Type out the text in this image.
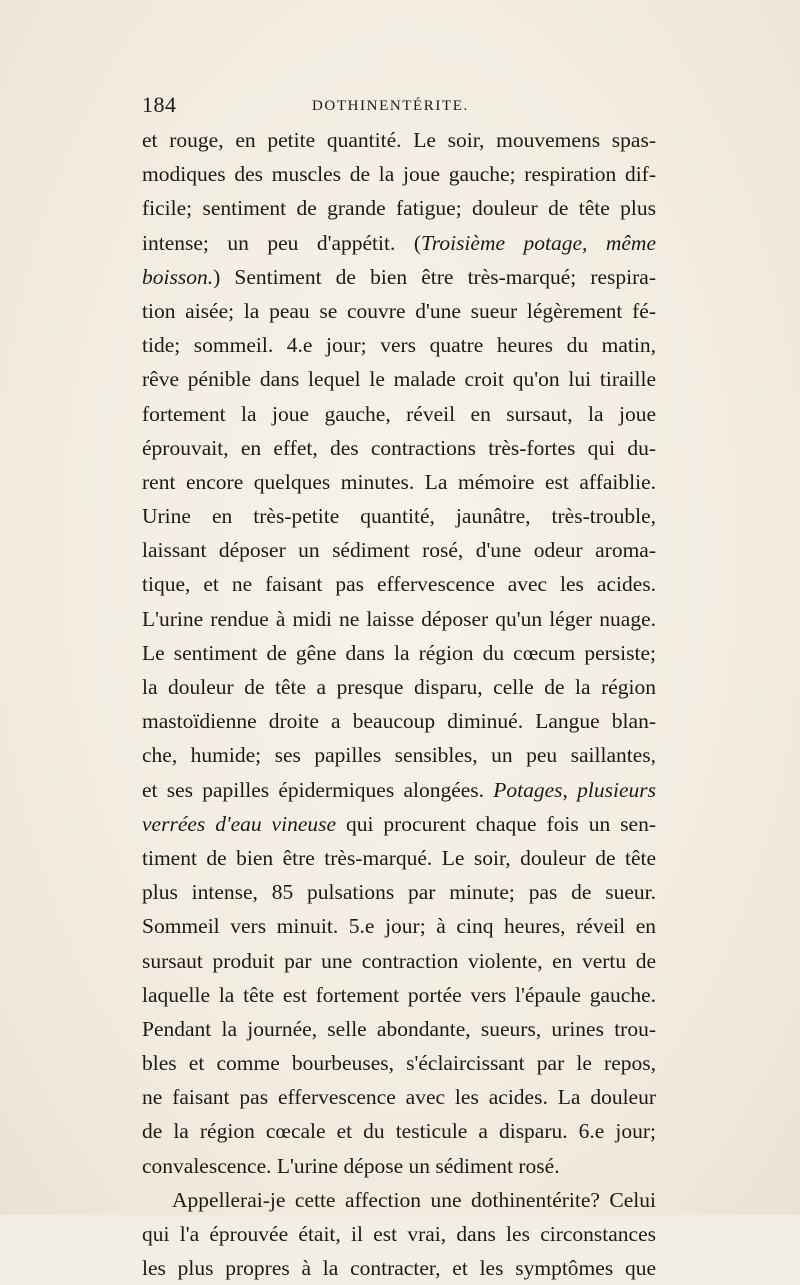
184	DOTHINENTÉRITE.
et rouge, en petite quantité. Le soir, mouvemens spas-
modiques des muscles de la joue gauche; respiration dif-
ficile; sentiment de grande fatigue; douleur de tête plus
intense; un peu d'appétit. (Troisième potage, même
boisson.) Sentiment de bien être très-marqué; respira-
tion aisée; la peau se couvre d'une sueur légèrement fé-
tide; sommeil. 4.e jour; vers quatre heures du matin,
rêve pénible dans lequel le malade croit qu'on lui tiraille
fortement la joue gauche, réveil en sursaut, la joue
éprouvait, en effet, des contractions très-fortes qui du-
rent encore quelques minutes. La mémoire est affaiblie.
Urine en très-petite quantité, jaunâtre, très-trouble,
laissant déposer un sédiment rosé, d'une odeur aroma-
tique, et ne faisant pas effervescence avec les acides.
L'urine rendue à midi ne laisse déposer qu'un léger nuage.
Le sentiment de gêne dans la région du cœcum persiste;
la douleur de tête a presque disparu, celle de la région
mastoïdienne droite a beaucoup diminué. Langue blan-
che, humide; ses papilles sensibles, un peu saillantes,
et ses papilles épidermiques alongées. Potages, plusieurs
verrées d'eau vineuse qui procurent chaque fois un sen-
timent de bien être très-marqué. Le soir, douleur de tête
plus intense, 85 pulsations par minute; pas de sueur.
Sommeil vers minuit. 5.e jour; à cinq heures, réveil en
sursaut produit par une contraction violente, en vertu de
laquelle la tête est fortement portée vers l'épaule gauche.
Pendant la journée, selle abondante, sueurs, urines trou-
bles et comme bourbeuses, s'éclaircissant par le repos,
ne faisant pas effervescence avec les acides. La douleur
de la région cœcale et du testicule a disparu. 6.e jour;
convalescence. L'urine dépose un sédiment rosé.
Appellerai-je cette affection une dothinentérite? Celui
qui l'a éprouvée était, il est vrai, dans les circonstances
les plus propres à la contracter, et les symptômes que
